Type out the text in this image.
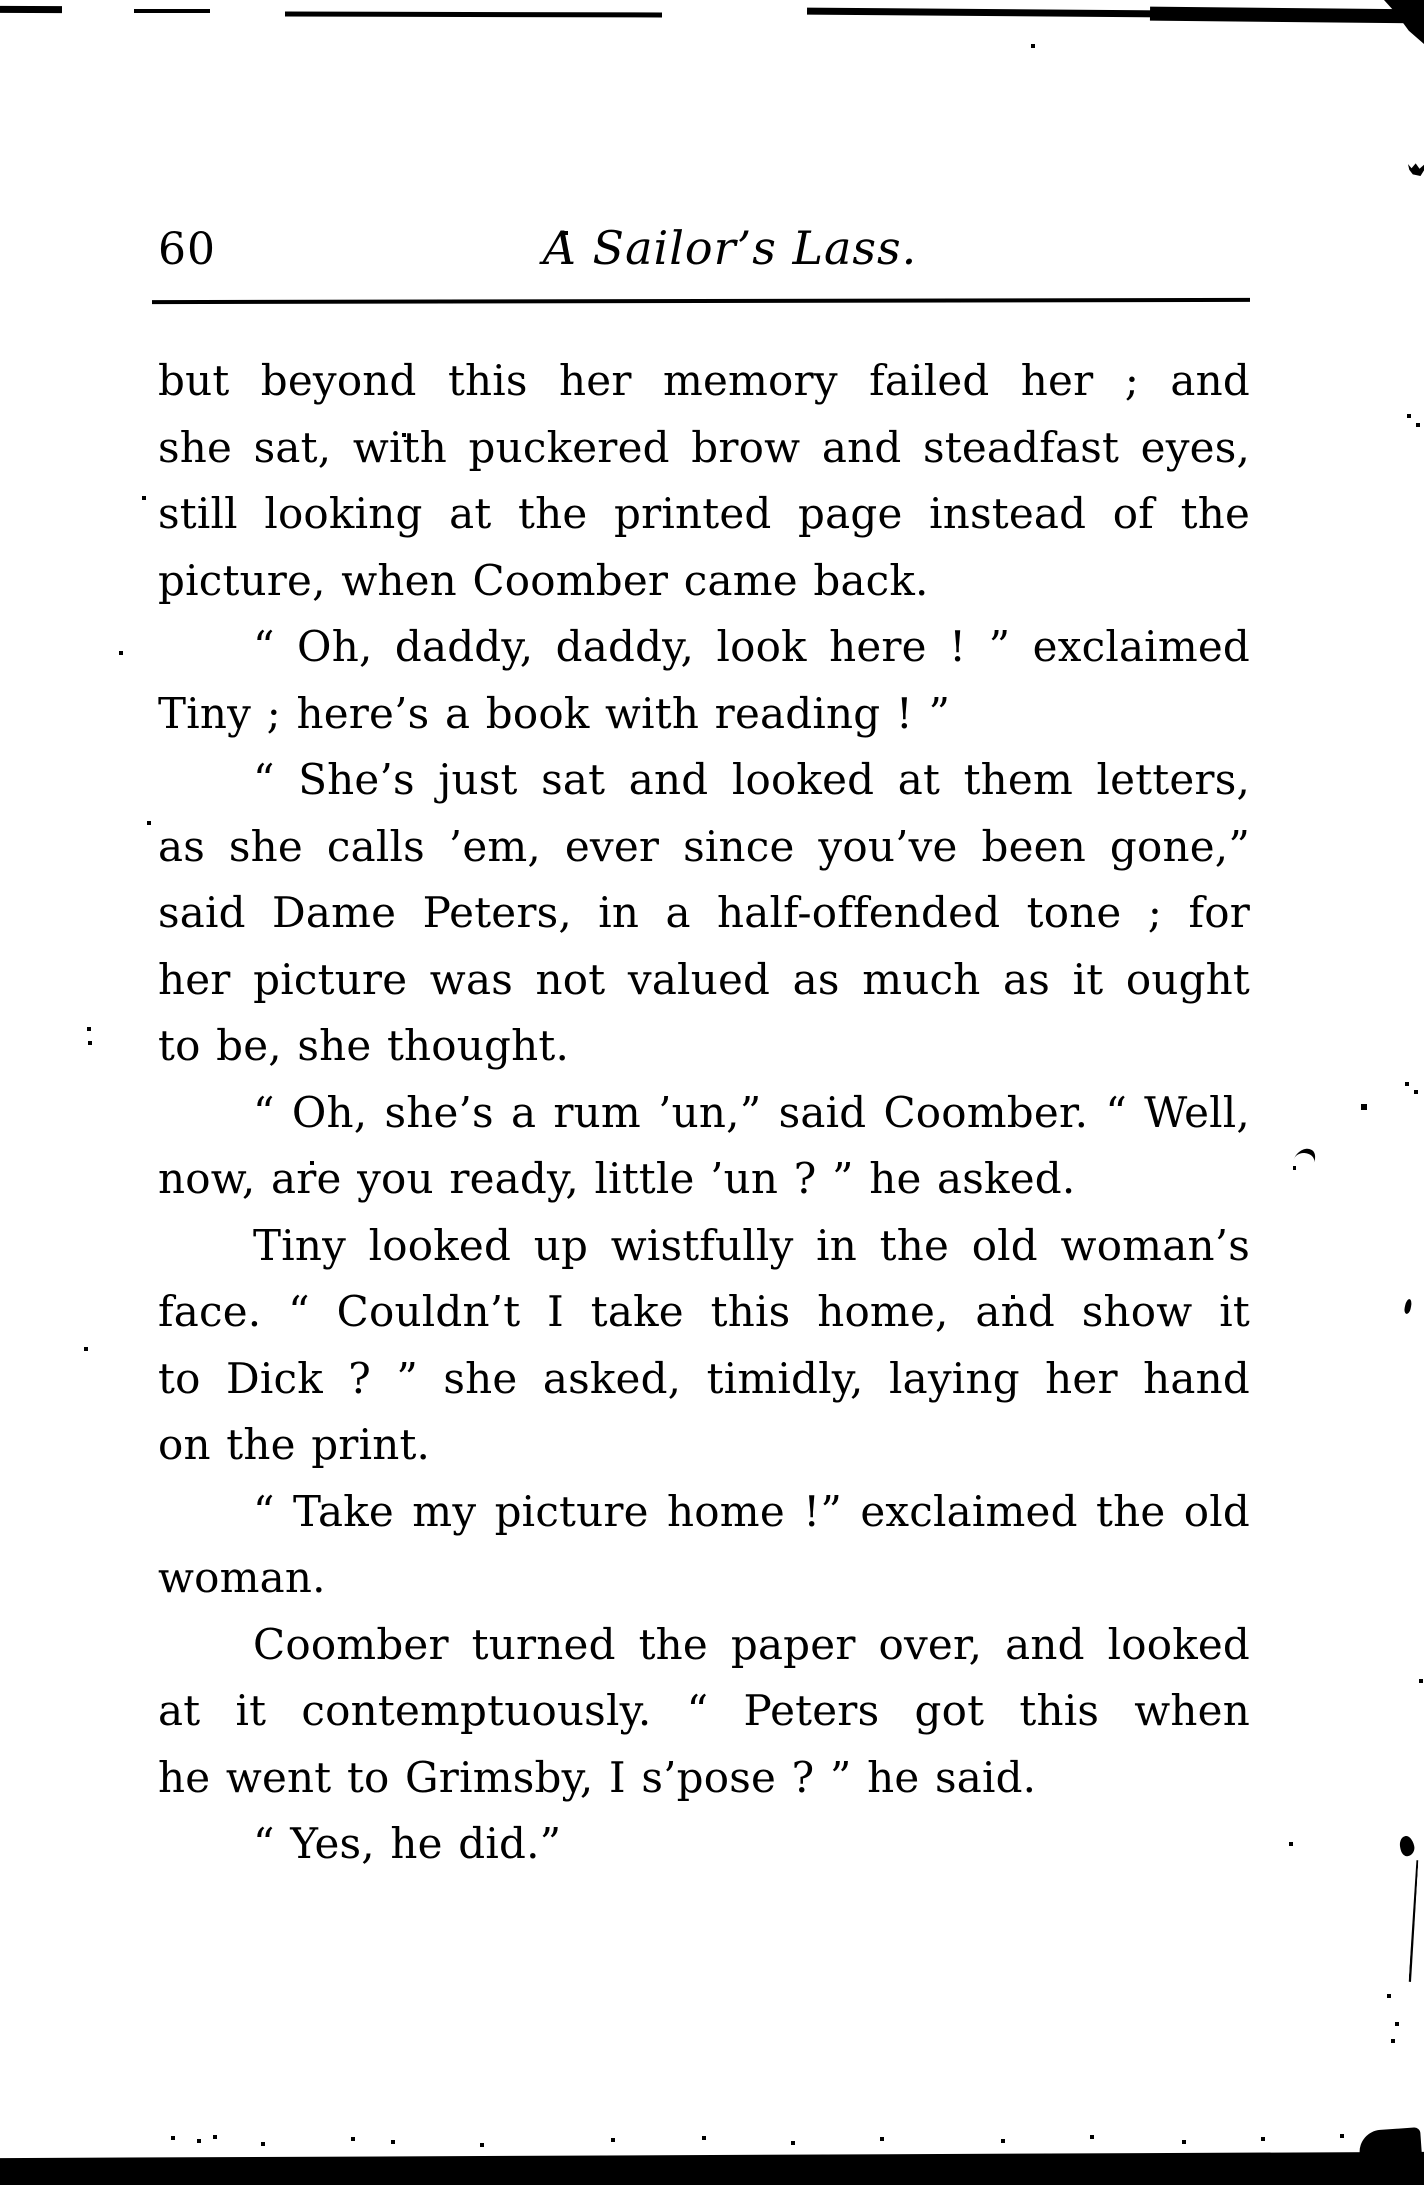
60	A Sailor’s Lass.
but beyond this her memory failed her ; and
she sat, with puckered brow and steadfast eyes,
still looking at the printed page instead of the
picture, when Coomber came back.
“ Oh, daddy, daddy, look here ! ” exclaimed
Tiny ; here’s a book with reading ! ”
“ She’s just sat and looked at them letters,
as she calls ’em, ever since you’ve been gone,”
said Dame Peters, in a half-offended tone ; for
her picture was not valued as much as it ought
to be, she thought.
“ Oh, she’s a rum ’un,” said Coomber. “ Well,
now, are you ready, little ’un ? ” he asked.
Tiny looked up wistfully in the old woman’s
face. “ Couldn’t I take this home, and show it
to Dick ? ” she asked, timidly, laying her hand
on the print.
“ Take my picture home !” exclaimed the old
woman.
Coomber turned the paper over, and looked
at it contemptuously. “ Peters got this when
he went to Grimsby, I s’pose ? ” he said.
“ Yes, he did.”
